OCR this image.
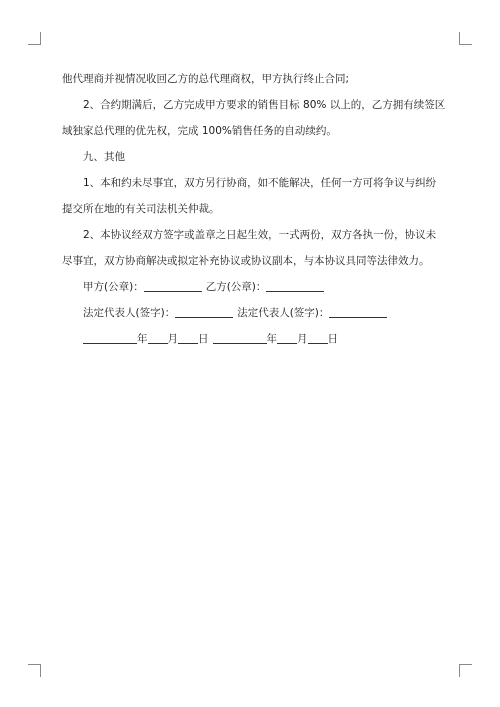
他代理商并视情况收回乙方的总代理商权，甲方执行终止合同;

2、合约期满后，乙方完成甲方要求的销售目标 80% 以上的，乙方拥有续签区域独家总代理的优先权，完成 100%销售任务的自动续约。

九、其他

1、本和约未尽事宜，双方另行协商，如不能解决，任何一方可将争议与纠纷提交所在地的有关司法机关仲裁。

2、本协议经双方签字或盖章之日起生效，一式两份，双方各执一份，协议未尽事宜，双方协商解决或拟定补充协议或协议副本，与本协议具同等法律效力。

甲方(公章)：	乙方(公章)：

法定代表人(签字)：	法定代表人(签字)：

年 月 日	年 月 日
